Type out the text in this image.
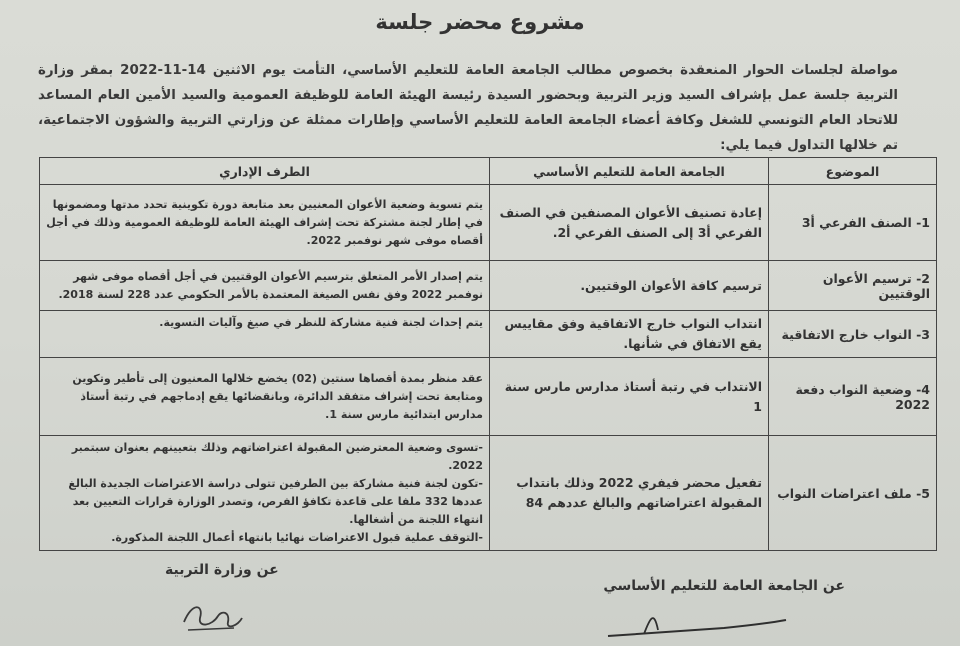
مشروع محضر جلسة
مواصلة لجلسات الحوار المنعقدة بخصوص مطالب الجامعة العامة للتعليم الأساسي، التأمت يوم الاثنين 14-11-2022 بمقر وزارة التربية جلسة عمل بإشراف السيد وزير التربية وبحضور السيدة رئيسة الهيئة العامة للوظيفة العمومية والسيد الأمين العام المساعد للاتحاد العام التونسي للشغل وكافة أعضاء الجامعة العامة للتعليم الأساسي وإطارات ممثلة عن وزارتي التربية والشؤون الاجتماعية، تم خلالها التداول فيما يلي:
الموضوع	الجامعة العامة للتعليم الأساسي	الطرف الإداري
1- الصنف الفرعي أ3	إعادة تصنيف الأعوان المصنفين في الصنف الفرعي أ3 إلى الصنف الفرعي أ2.	يتم تسوية وضعية الأعوان المعنيين بعد متابعة دورة تكوينية تحدد مدتها ومضمونها في إطار لجنة مشتركة تحت إشراف الهيئة العامة للوظيفة العمومية وذلك في أجل أقصاه موفى شهر نوفمبر 2022.

2- ترسيم الأعوان الوقتيين	ترسيم كافة الأعوان الوقتيين.	يتم إصدار الأمر المتعلق بترسيم الأعوان الوقتيين في أجل أقصاه موفى شهر نوفمبر 2022 وفق نفس الصيغة المعتمدة بالأمر الحكومي عدد 228 لسنة 2018.

3- النواب خارج الاتفاقية	انتداب النواب خارج الاتفاقية وفق مقاييس يقع الاتفاق في شأنها.	يتم إحداث لجنة فنية مشاركة للنظر في صيغ وآليات التسوية.

4- وضعية النواب دفعة 2022	الانتداب في رتبة أستاذ مدارس مارس سنة 1	عقد منظر بمدة أقصاها سنتين (02) يخضع خلالها المعنيون إلى تأطير وتكوين ومتابعة تحت إشراف متفقد الدائرة، وبانقضائها يقع إدماجهم في رتبة أستاذ مدارس ابتدائية مارس سنة 1.

5- ملف اعتراضات النواب	تفعيل محضر فيفري 2022 وذلك بانتداب المقبولة اعتراضاتهم والبالغ عددهم 84	-تسوى وضعية المعترضين المقبولة اعتراضاتهم وذلك بتعيينهم بعنوان سبتمبر 2022.
-تكون لجنة فنية مشاركة بين الطرفين تتولى دراسة الاعتراضات الجديدة البالغ عددها 332 ملفا على قاعدة تكافؤ الفرص، وتصدر الوزارة قرارات التعيين بعد انتهاء اللجنة من أشغالها.
-التوقف عملية قبول الاعتراضات نهائيا بانتهاء أعمال اللجنة المذكورة.
عن وزارة التربية
عن الجامعة العامة للتعليم الأساسي
